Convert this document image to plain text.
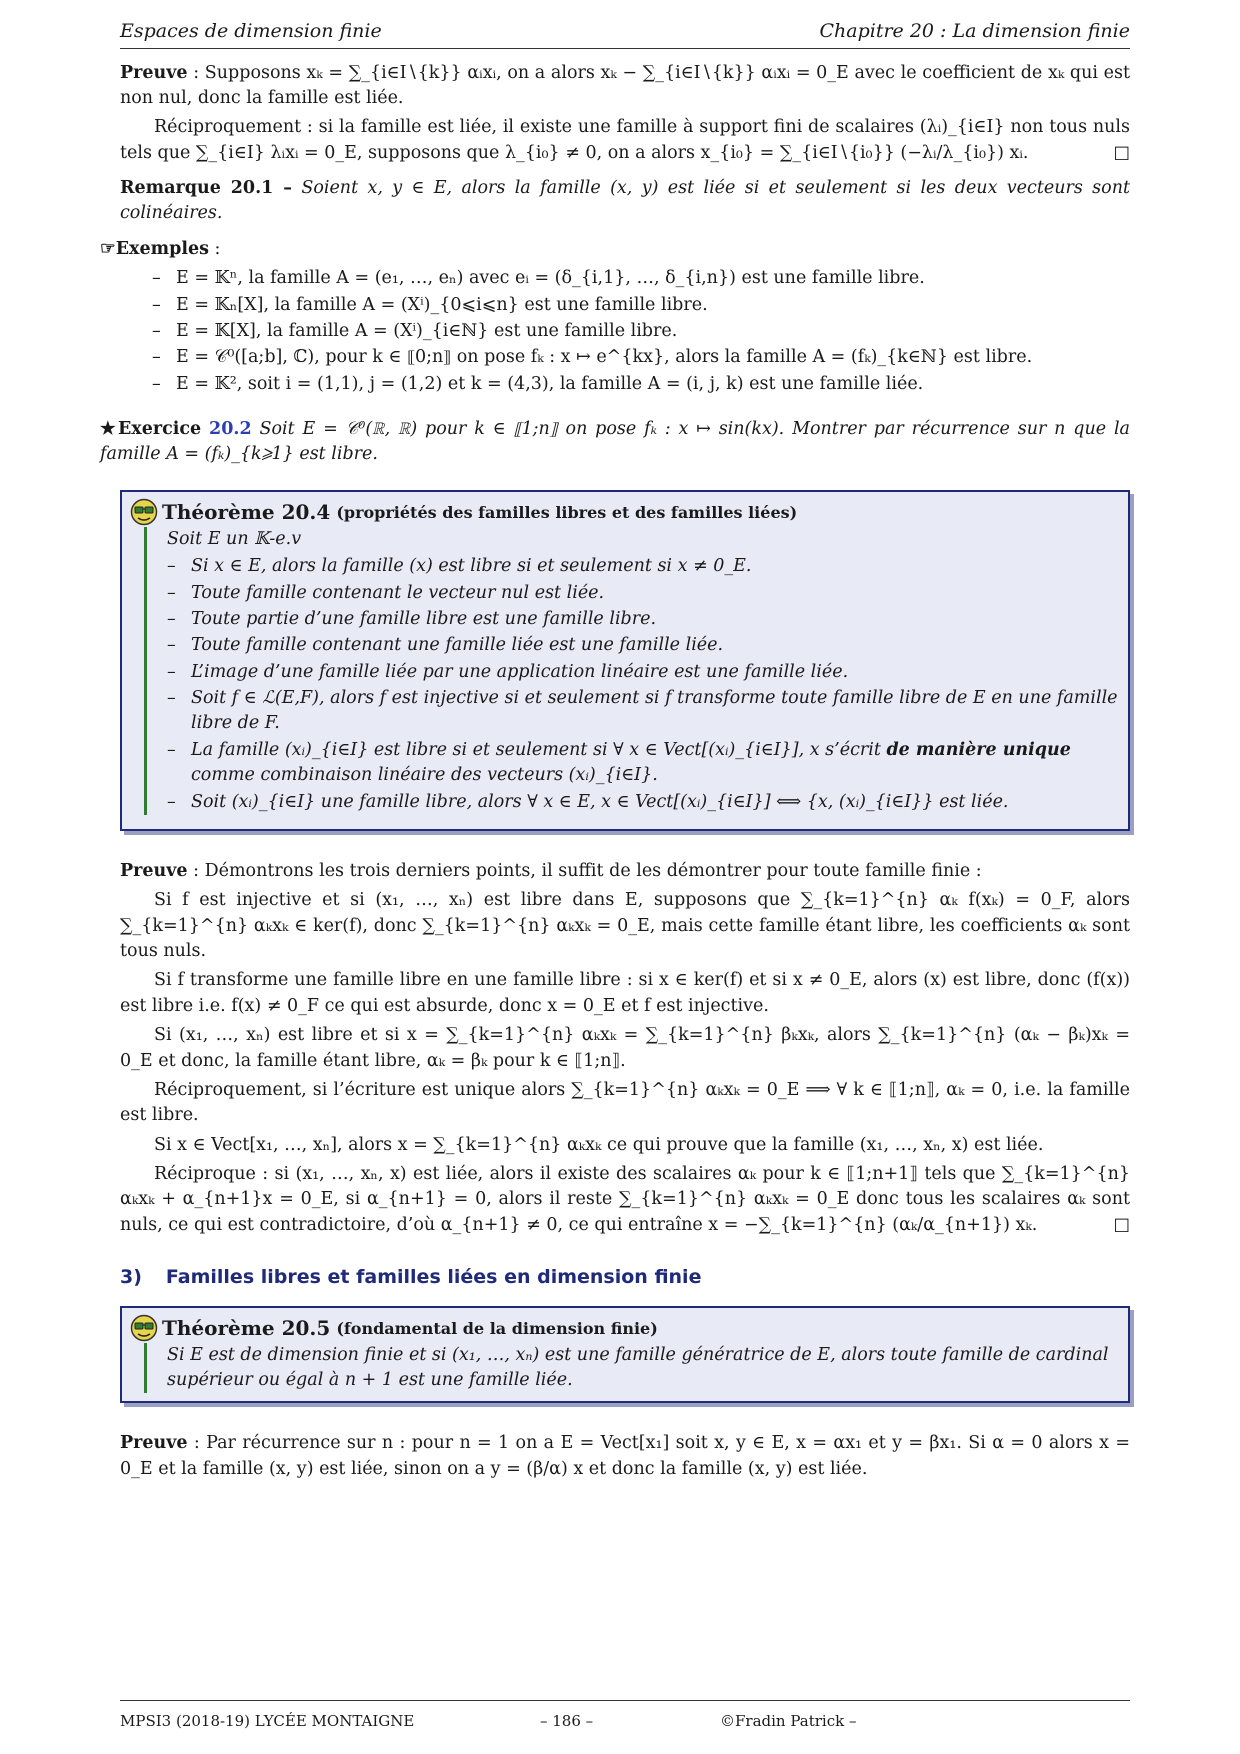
Espaces de dimension finie	Chapitre 20 : La dimension finie

Preuve : Supposons xₖ = ∑_{i∈I∖{k}} αᵢxᵢ, on a alors xₖ − ∑_{i∈I∖{k}} αᵢxᵢ = 0_E avec le coefficient de xₖ qui est non nul, donc la famille est liée.

Réciproquement : si la famille est liée, il existe une famille à support fini de scalaires (λᵢ)_{i∈I} non tous nuls tels que ∑_{i∈I} λᵢxᵢ = 0_E, supposons que λ_{i₀} ≠ 0, on a alors x_{i₀} = ∑_{i∈I∖{i₀}} (−λᵢ/λ_{i₀}) xᵢ.	□

Remarque 20.1 – Soient x, y ∈ E, alors la famille (x, y) est liée si et seulement si les deux vecteurs sont colinéaires.

☞Exemples :

– E = 𝕂ⁿ, la famille A = (e₁, …, eₙ) avec eᵢ = (δ_{i,1}, …, δ_{i,n}) est une famille libre.
– E = 𝕂ₙ[X], la famille A = (Xⁱ)_{0⩽i⩽n} est une famille libre.
– E = 𝕂[X], la famille A = (Xⁱ)_{i∈ℕ} est une famille libre.
– E = 𝒞⁰([a;b], ℂ), pour k ∈ ⟦0;n⟧ on pose fₖ : x ↦ e^{kx}, alors la famille A = (fₖ)_{k∈ℕ} est libre.
– E = 𝕂², soit i = (1,1), j = (1,2) et k = (4,3), la famille A = (i, j, k) est une famille liée.

★Exercice 20.2 Soit E = 𝒞⁰(ℝ, ℝ) pour k ∈ ⟦1;n⟧ on pose fₖ : x ↦ sin(kx). Montrer par récurrence sur n que la famille A = (fₖ)_{k⩾1} est libre.

Théorème 20.4 (propriétés des familles libres et des familles liées)
Soit E un 𝕂-e.v
– Si x ∈ E, alors la famille (x) est libre si et seulement si x ≠ 0_E.
– Toute famille contenant le vecteur nul est liée.
– Toute partie d’une famille libre est une famille libre.
– Toute famille contenant une famille liée est une famille liée.
– L’image d’une famille liée par une application linéaire est une famille liée.
– Soit f ∈ ℒ(E,F), alors f est injective si et seulement si f transforme toute famille libre de E en une famille libre de F.
– La famille (xᵢ)_{i∈I} est libre si et seulement si ∀ x ∈ Vect[(xᵢ)_{i∈I}], x s’écrit de manière unique comme combinaison linéaire des vecteurs (xᵢ)_{i∈I}.
– Soit (xᵢ)_{i∈I} une famille libre, alors ∀ x ∈ E, x ∈ Vect[(xᵢ)_{i∈I}] ⟺ {x, (xᵢ)_{i∈I}} est liée.

Preuve : Démontrons les trois derniers points, il suffit de les démontrer pour toute famille finie :

Si f est injective et si (x₁, …, xₙ) est libre dans E, supposons que ∑_{k=1}^{n} αₖ f(xₖ) = 0_F, alors ∑_{k=1}^{n} αₖxₖ ∈ ker(f), donc ∑_{k=1}^{n} αₖxₖ = 0_E, mais cette famille étant libre, les coefficients αₖ sont tous nuls.

Si f transforme une famille libre en une famille libre : si x ∈ ker(f) et si x ≠ 0_E, alors (x) est libre, donc (f(x)) est libre i.e. f(x) ≠ 0_F ce qui est absurde, donc x = 0_E et f est injective.

Si (x₁, …, xₙ) est libre et si x = ∑_{k=1}^{n} αₖxₖ = ∑_{k=1}^{n} βₖxₖ, alors ∑_{k=1}^{n} (αₖ − βₖ)xₖ = 0_E et donc, la famille étant libre, αₖ = βₖ pour k ∈ ⟦1;n⟧.

Réciproquement, si l’écriture est unique alors ∑_{k=1}^{n} αₖxₖ = 0_E ⟹ ∀ k ∈ ⟦1;n⟧, αₖ = 0, i.e. la famille est libre.

Si x ∈ Vect[x₁, …, xₙ], alors x = ∑_{k=1}^{n} αₖxₖ ce qui prouve que la famille (x₁, …, xₙ, x) est liée.

Réciproque : si (x₁, …, xₙ, x) est liée, alors il existe des scalaires αₖ pour k ∈ ⟦1;n+1⟧ tels que ∑_{k=1}^{n} αₖxₖ + α_{n+1}x = 0_E, si α_{n+1} = 0, alors il reste ∑_{k=1}^{n} αₖxₖ = 0_E donc tous les scalaires αₖ sont nuls, ce qui est contradictoire, d’où α_{n+1} ≠ 0, ce qui entraîne x = −∑_{k=1}^{n} (αₖ/α_{n+1}) xₖ.	□

3) Familles libres et familles liées en dimension finie
Théorème 20.5 (fondamental de la dimension finie)
Si E est de dimension finie et si (x₁, …, xₙ) est une famille génératrice de E, alors toute famille de cardinal supérieur ou égal à n + 1 est une famille liée.

Preuve : Par récurrence sur n : pour n = 1 on a E = Vect[x₁] soit x, y ∈ E, x = αx₁ et y = βx₁. Si α = 0 alors x = 0_E et la famille (x, y) est liée, sinon on a y = (β/α) x et donc la famille (x, y) est liée.

MPSI3 (2018-19) LYCÉE MONTAIGNE	– 186 –	©Fradin Patrick –
